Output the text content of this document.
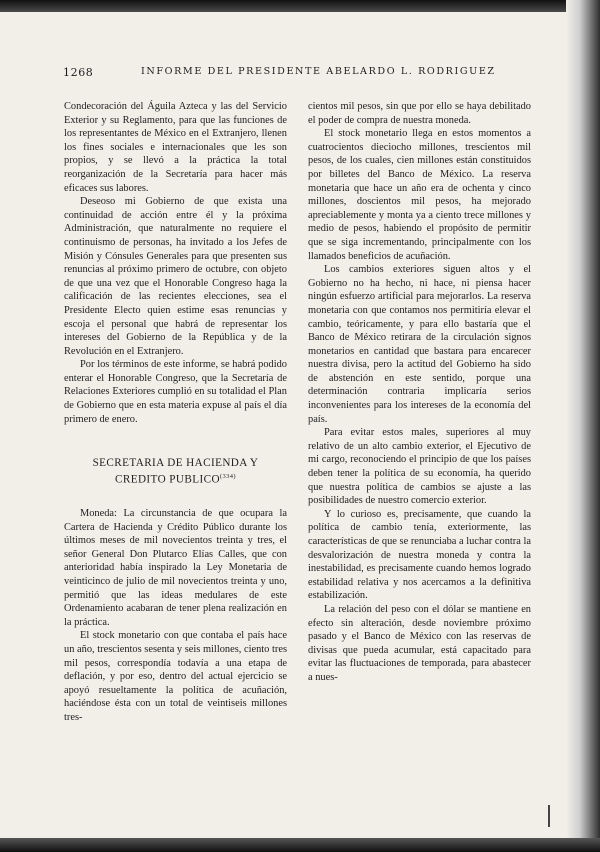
1268	INFORME DEL PRESIDENTE ABELARDO L. RODRIGUEZ

Condecoración del Águila Azteca y las del Servicio Exterior y su Reglamento, para que las funciones de los representantes de México en el Extranjero, llenen los fines sociales e internacionales que les son propios, y se llevó a la práctica la total reorganización de la Secretaría para hacer más eficaces sus labores.

Deseoso mi Gobierno de que exista una continuidad de acción entre él y la próxima Administración, que naturalmente no requiere el continuismo de personas, ha invitado a los Jefes de Misión y Cónsules Generales para que presenten sus renuncias al próximo primero de octubre, con objeto de que una vez que el Honorable Congreso haga la calificación de las recientes elecciones, sea el Presidente Electo quien estime esas renuncias y escoja el personal que habrá de representar los intereses del Gobierno de la República y de la Revolución en el Extranjero.

Por los términos de este informe, se habrá podido enterar el Honorable Congreso, que la Secretaría de Relaciones Exteriores cumplió en su totalidad el Plan de Gobierno que en esta materia expuse al país el día primero de enero.

SECRETARIA DE HACIENDA Y
CREDITO PUBLICO$^{(334)}$

Moneda: La circunstancia de que ocupara la Cartera de Hacienda y Crédito Público durante los últimos meses de mil novecientos treinta y tres, el señor General Don Plutarco Elías Calles, que con anterioridad había inspirado la Ley Monetaria de veinticinco de julio de mil novecientos treinta y uno, permitió que las ideas medulares de este Ordenamiento acabaran de tener plena realización en la práctica.

El stock monetario con que contaba el país hace un año, trescientos sesenta y seis millones, ciento tres mil pesos, correspondía todavía a una etapa de deflación, y por eso, dentro del actual ejercicio se apoyó resueltamente la política de acuñación, haciéndose ésta con un total de veintiseis millones tres-

cientos mil pesos, sin que por ello se haya debilitado el poder de compra de nuestra moneda.

El stock monetario llega en estos momentos a cuatrocientos dieciocho millones, trescientos mil pesos, de los cuales, cien millones están constituidos por billetes del Banco de México. La reserva monetaria que hace un año era de ochenta y cinco millones, doscientos mil pesos, ha mejorado apreciablemente y monta ya a ciento trece millones y medio de pesos, habiendo el propósito de permitir que se siga incrementando, principalmente con los llamados beneficios de acuñación.

Los cambios exteriores siguen altos y el Gobierno no ha hecho, ni hace, ni piensa hacer ningún esfuerzo artificial para mejorarlos. La reserva monetaria con que contamos nos permitiría elevar el cambio, teóricamente, y para ello bastaría que el Banco de México retirara de la circulación signos monetarios en cantidad que bastara para encarecer nuestra divisa, pero la actitud del Gobierno ha sido de abstención en este sentido, porque una determinación contraria implicaría serios inconvenientes para los intereses de la economía del país.

Para evitar estos males, superiores al muy relativo de un alto cambio exterior, el Ejecutivo de mi cargo, reconociendo el principio de que los países deben tener la política de su economía, ha querido que nuestra política de cambios se ajuste a las posibilidades de nuestro comercio exterior.

Y lo curioso es, precisamente, que cuando la política de cambio tenía, exteriormente, las características de que se renunciaba a luchar contra la desvalorización de nuestra moneda y contra la inestabilidad, es precisamente cuando hemos logrado estabilidad relativa y nos acercamos a la definitiva estabilización.

La relación del peso con el dólar se mantiene en efecto sin alteración, desde noviembre próximo pasado y el Banco de México con las reservas de divisas que pueda acumular, está capacitado para evitar las fluctuaciones de temporada, para abastecer a nues-
